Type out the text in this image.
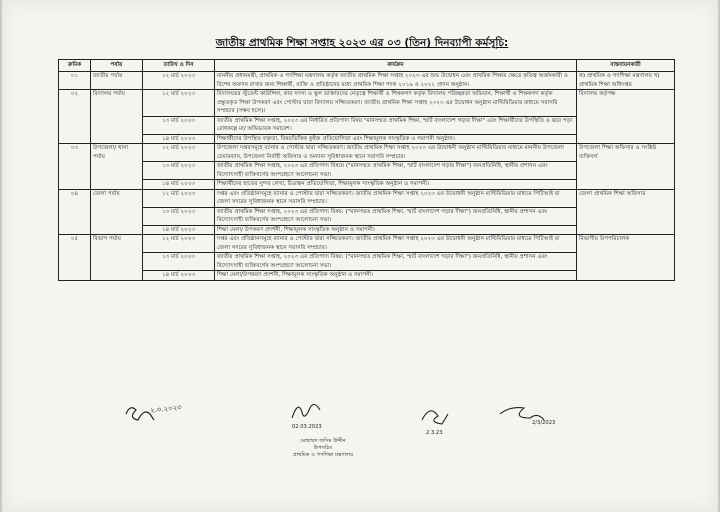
জাতীয় প্রাথমিক শিক্ষা সপ্তাহ ২০২৩ এর ০৩ (তিন) দিনব্যাপী কর্মসূচি:
ক্রমিক	পর্যায়	তারিখ ও দিন	কার্যক্রম	বাস্তবায়নকারী
০১	জাতীয় পর্যায়	১২ মার্চ ২০২৩	মাননীয় প্রধানমন্ত্রী, প্রাথমিক ও গণশিক্ষা মন্ত্রণালয় কর্তৃক জাতীয় প্রাথমিক শিক্ষা সপ্তাহ ২০২৩ এর শুভ উদ্বোধন এবং প্রাথমিক শিক্ষার ক্ষেত্রে কৃতিত্ব অর্জনকারী ও বিশেষ অবদান রাখার জন্য শিক্ষার্থী, ব্যক্তি ও প্রতিষ্ঠানের মধ্যে প্রাথমিক শিক্ষা পদক ২০১৯ ও ২০২২ প্রদান অনুষ্ঠান।	ক) প্রাথমিক ও গণশিক্ষা মন্ত্রণালয় খ) প্রাথমিক শিক্ষা অধিদপ্তর
০২	বিদ্যালয় পর্যায়	১২ মার্চ ২০২৩	বিদ্যালয়ের স্টুডেন্ট কাউন্সিল, কাব সদস্য ও স্কুল ডাক্তারদের নেতৃত্বে শিক্ষার্থী ও শিক্ষকগণ কর্তৃক বিদ্যালয় পরিচ্ছন্নতা অভিযান, শিক্ষার্থী ও শিক্ষকগণ কর্তৃক প্রস্তুতকৃত শিক্ষা উপকরণ এবং পোস্টার দ্বারা বিদ্যালয় সজ্জিতকরণ। জাতীয় প্রাথমিক শিক্ষা সপ্তাহ ২০২৩ এর উদ্বোধন অনুষ্ঠান মাল্টিমিডিয়ার মাধ্যমে সরাসরি সম্প্রচার (সম্ভব হলে)।	বিদ্যালয় কর্তৃপক্ষ
		১৩ মার্চ ২০২৩	জাতীয় প্রাথমিক শিক্ষা সপ্তাহ, ২০২৩ এর নির্ধারিত প্রতিপাদ্য বিষয় "মানসম্মত প্রাথমিক শিক্ষা, স্মার্ট বাংলাদেশ গড়ার দীক্ষা" এবং শিক্ষার্থীদের উপস্থিতি ও ঝরে পড়া রোধকল্পে মা/ অভিভাবক সমাবেশ।	
		১৪ মার্চ ২০২৩	শিক্ষার্থীদের উপস্থিত বক্তৃতা, বিষয়ভিত্তিক কুইজ প্রতিযোগিতা এবং শিক্ষামূলক সাংস্কৃতিক ও সমাপনী অনুষ্ঠান।	
০৩	উপজেলা/ থানা পর্যায়	১২ মার্চ ২০২৩	উপজেলা দপ্তরসমূহে ব্যানার ও পোস্টার দ্বারা সজ্জিতকরণ। জাতীয় প্রাথমিক শিক্ষা সপ্তাহ ২০২৩ এর উদ্বোধনী অনুষ্ঠান মাল্টিমিডিয়ার মাধ্যমে মাননীয় উপজেলা চেয়ারম্যান, উপজেলা নির্বাহী অফিসার ও অন্যান্য সুবিধাজনক স্থানে সরাসরি সম্প্রচার।	উপজেলা শিক্ষা অফিসার ও সংশ্লিষ্ট ব্যক্তিবর্গ
		১৩ মার্চ ২০২৩	জাতীয় প্রাথমিক শিক্ষা সপ্তাহ, ২০২৩ এর প্রতিপাদ্য বিষয়ে ("মানসম্মত প্রাথমিক শিক্ষা, স্মার্ট বাংলাদেশ গড়ার দীক্ষা") জনপ্রতিনিধি, স্থানীয় প্রশাসন এবং বিদ্যোৎসাহী ব্যক্তিবর্গের অংশগ্রহণে আলোচনা সভা।	
		১৪ মার্চ ২০২৩	শিক্ষার্থীদের হাতের সুন্দর লেখা, চিত্রাঙ্কন প্রতিযোগিতা, শিক্ষামূলক সাংস্কৃতিক অনুষ্ঠান ও সমাপনী।	
০৪	জেলা পর্যায়	১২ মার্চ ২০২৩	দপ্তর এবং প্রতিষ্ঠানসমূহে ব্যানার ও পোস্টার দ্বারা সজ্জিতকরণ। জাতীয় প্রাথমিক শিক্ষা সপ্তাহ ২০২৩ এর উদ্বোধনী অনুষ্ঠান মাল্টিমিডিয়ার মাধ্যমে পিটিআই বা জেলা সদরের সুবিধাজনক স্থানে সরাসরি সম্প্রচার।	জেলা প্রাথমিক শিক্ষা অফিসার
		১৩ মার্চ ২০২৩	জাতীয় প্রাথমিক শিক্ষা সপ্তাহ, ২০২৩ এর প্রতিপাদ্য বিষয়: ("মানসম্মত প্রাথমিক শিক্ষা, স্মার্ট বাংলাদেশ গড়ার দীক্ষা") জনপ্রতিনিধি, স্থানীয় প্রশাসন এবং বিদ্যোৎসাহী ব্যক্তিবর্গের অংশগ্রহণে আলোচনা সভা।	
		১৪ মার্চ ২০২৩	শিক্ষা মেলা/ উপকরণ প্রদর্শনী, শিক্ষামূলক সাংস্কৃতিক অনুষ্ঠান ও সমাপনী।	
০৫	বিভাগ পর্যায়	১২ মার্চ ২০২৩	দপ্তর এবং প্রতিষ্ঠানসমূহে ব্যানার ও পোস্টার দ্বারা সজ্জিতকরণ। জাতীয় প্রাথমিক শিক্ষা সপ্তাহ ২০২৩ এর উদ্বোধনী অনুষ্ঠান মাল্টিমিডিয়ার মাধ্যমে পিটিআই বা জেলা সদরের সুবিধাজনক স্থানে সরাসরি সম্প্রচার।	বিভাগীয় উপপরিচালক
		১৩ মার্চ ২০২৩	জাতীয় প্রাথমিক শিক্ষা সপ্তাহ, ২০২৩ এর প্রতিপাদ্য বিষয়: ("মানসম্মত প্রাথমিক শিক্ষা, স্মার্ট বাংলাদেশ গড়ার দীক্ষা") জনপ্রতিনিধি, স্থানীয় প্রশাসন এবং বিদ্যোৎসাহী ব্যক্তিবর্গের অংশগ্রহণে আলোচনা সভা।	
		১৪ মার্চ ২০২৩	শিক্ষা মেলা/উপকরণ প্রদর্শনী, শিক্ষামূলক সাংস্কৃতিক অনুষ্ঠান ও সমাপনী।	
২.৩.২০২৩
02.03.2023
2.3.23
2/3/2023
মোহাম্মদ জসিম উদ্দীন
উপসচিব
প্রাথমিক ও গণশিক্ষা মন্ত্রণালয়
